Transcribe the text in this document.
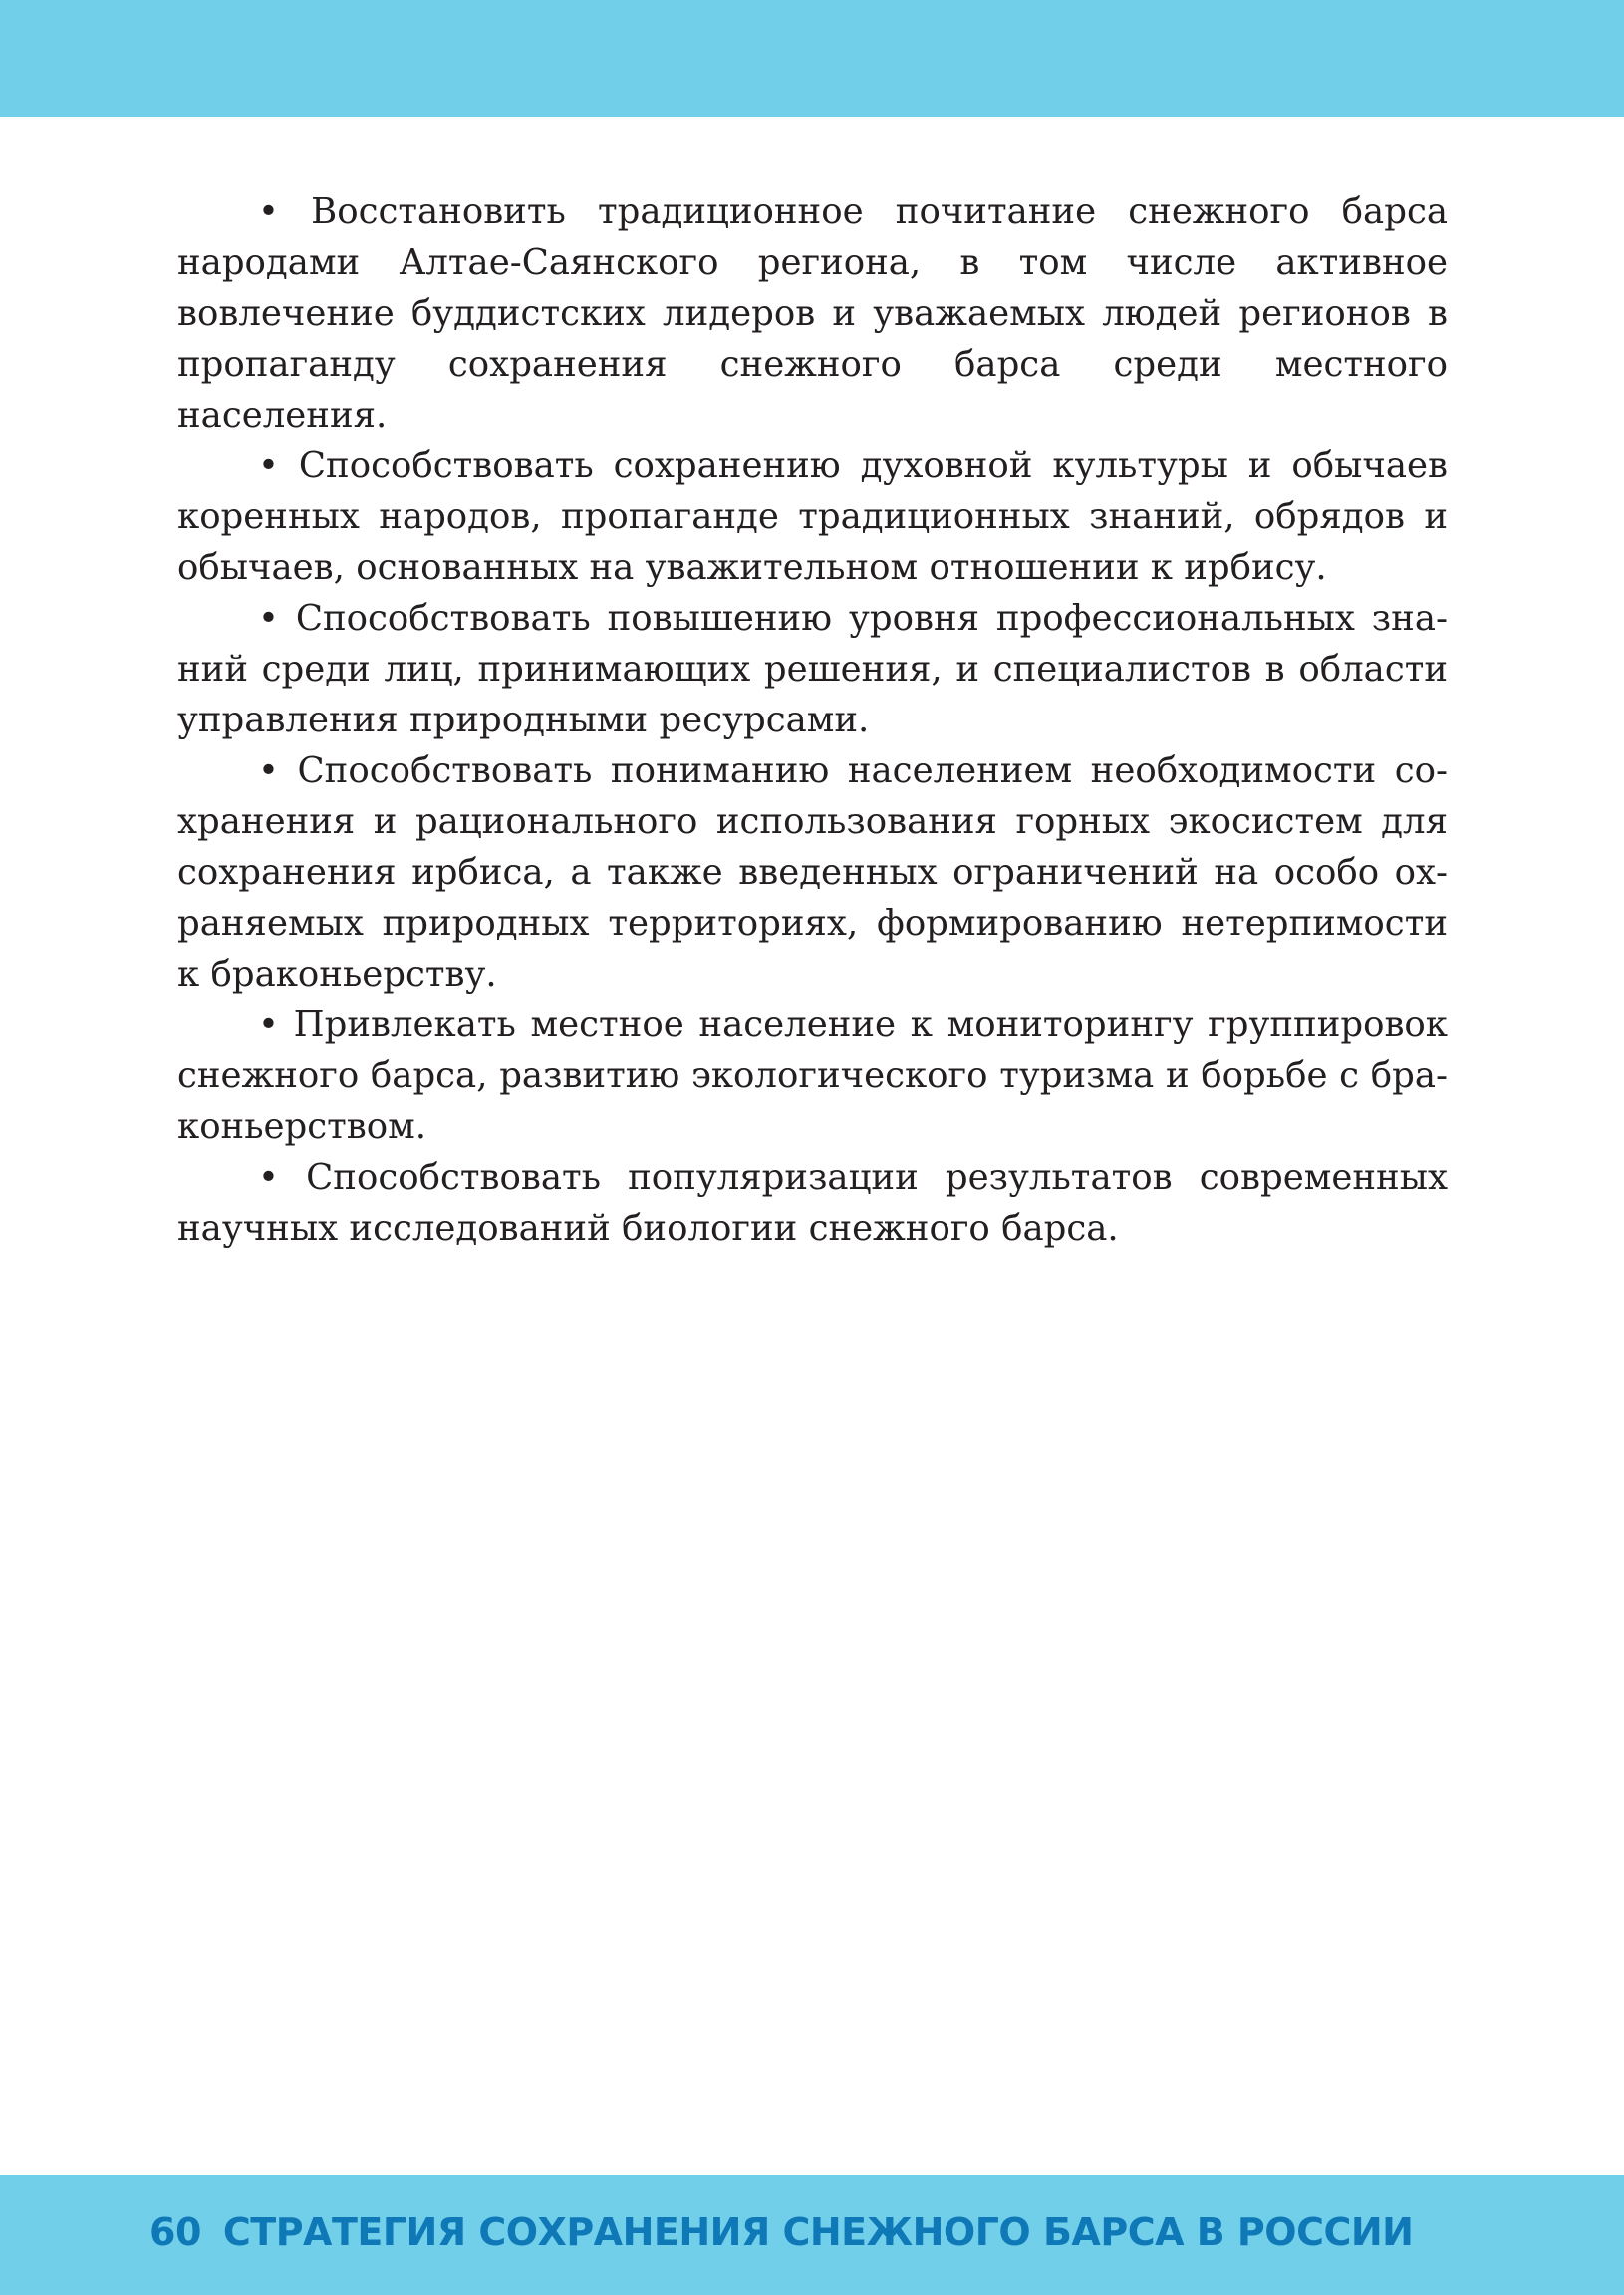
• Восстановить традиционное почитание снежного барса народами Алтае-Саянского региона, в том числе активное вовлечение буддистских лидеров и уважаемых людей регионов в пропаганду сохранения снежного барса среди местного населения.

• Способствовать сохранению духовной культуры и обычаев коренных народов, пропаганде традиционных знаний, обрядов и обычаев, основанных на уважительном отношении к ирбису.

• Способствовать повышению уровня профессиональных знаний среди лиц, принимающих решения, и специалистов в области управления природными ресурсами.

• Способствовать пониманию населением необходимости сохранения и рационального использования горных экосистем для сохранения ирбиса, а также введенных ограничений на особо охраняемых природных территориях, формированию нетерпимости к браконьерству.

• Привлекать местное население к мониторингу группировок снежного барса, развитию экологического туризма и борьбе с браконьерством.

• Способствовать популяризации результатов современных научных исследований биологии снежного барса.

60 СТРАТЕГИЯ СОХРАНЕНИЯ СНЕЖНОГО БАРСА В РОССИИ
